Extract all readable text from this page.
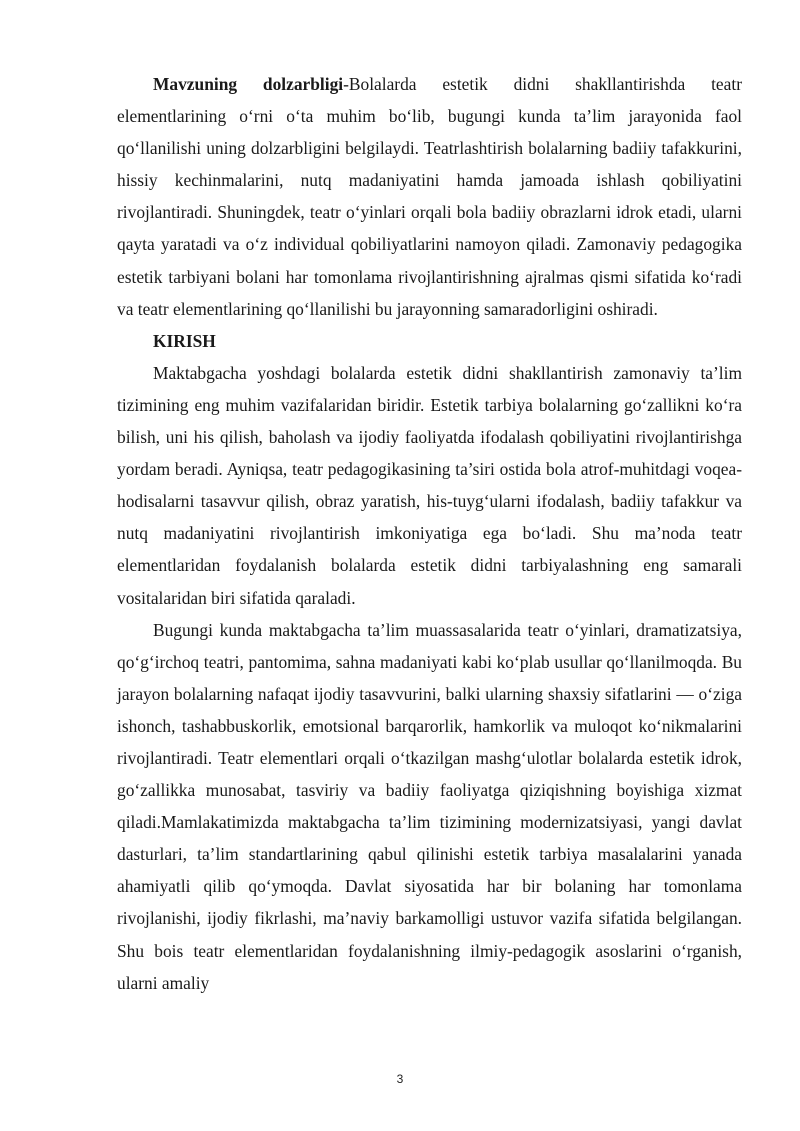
Mavzuning dolzarbligi-Bolalarda estetik didni shakllantirishda teatr elementlarining o‘rni o‘ta muhim bo‘lib, bugungi kunda ta’lim jarayonida faol qo‘llanilishi uning dolzarbligini belgilaydi. Teatrlashtirish bolalarning badiiy tafakkurini, hissiy kechinmalarini, nutq madaniyatini hamda jamoada ishlash qobiliyatini rivojlantiradi. Shuningdek, teatr o‘yinlari orqali bola badiiy obrazlarni idrok etadi, ularni qayta yaratadi va o‘z individual qobiliyatlarini namoyon qiladi. Zamonaviy pedagogika estetik tarbiyani bolani har tomonlama rivojlantirishning ajralmas qismi sifatida ko‘radi va teatr elementlarining qo‘llanilishi bu jarayonning samaradorligini oshiradi.

KIRISH

Maktabgacha yoshdagi bolalarda estetik didni shakllantirish zamonaviy ta’lim tizimining eng muhim vazifalaridan biridir. Estetik tarbiya bolalarning go‘zallikni ko‘ra bilish, uni his qilish, baholash va ijodiy faoliyatda ifodalash qobiliyatini rivojlantirishga yordam beradi. Ayniqsa, teatr pedagogikasining ta’siri ostida bola atrof-muhitdagi voqea-hodisalarni tasavvur qilish, obraz yaratish, his-tuyg‘ularni ifodalash, badiiy tafakkur va nutq madaniyatini rivojlantirish imkoniyatiga ega bo‘ladi. Shu ma’noda teatr elementlaridan foydalanish bolalarda estetik didni tarbiyalashning eng samarali vositalaridan biri sifatida qaraladi.

Bugungi kunda maktabgacha ta’lim muassasalarida teatr o‘yinlari, dramatizatsiya, qo‘g‘irchoq teatri, pantomima, sahna madaniyati kabi ko‘plab usullar qo‘llanilmoqda. Bu jarayon bolalarning nafaqat ijodiy tasavvurini, balki ularning shaxsiy sifatlarini — o‘ziga ishonch, tashabbuskorlik, emotsional barqarorlik, hamkorlik va muloqot ko‘nikmalarini rivojlantiradi. Teatr elementlari orqali o‘tkazilgan mashg‘ulotlar bolalarda estetik idrok, go‘zallikka munosabat, tasviriy va badiiy faoliyatga qiziqishning boyishiga xizmat qiladi.Mamlakatimizda maktabgacha ta’lim tizimining modernizatsiyasi, yangi davlat dasturlari, ta’lim standartlarining qabul qilinishi estetik tarbiya masalalarini yanada ahamiyatli qilib qo‘ymoqda. Davlat siyosatida har bir bolaning har tomonlama rivojlanishi, ijodiy fikrlashi, ma’naviy barkamolligi ustuvor vazifa sifatida belgilangan. Shu bois teatr elementlaridan foydalanishning ilmiy-pedagogik asoslarini o‘rganish, ularni amaliy

3
